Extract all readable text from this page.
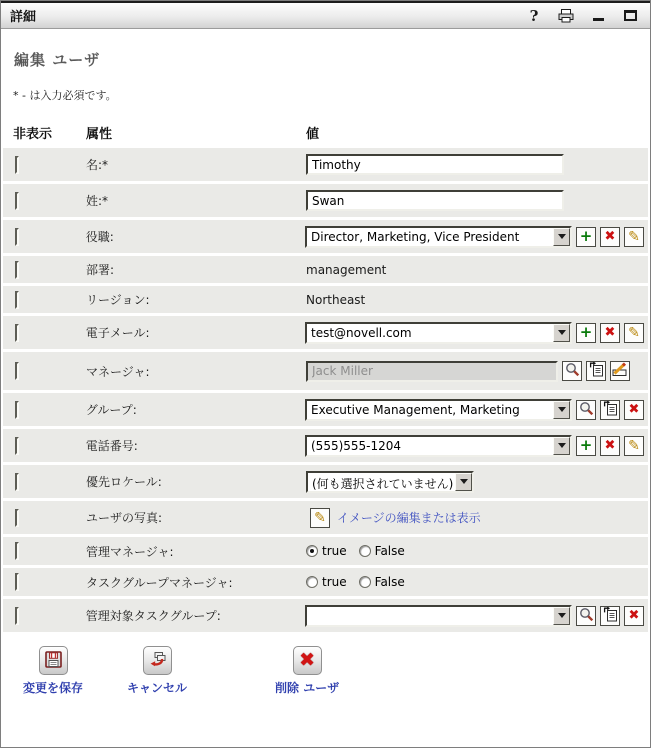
詳細	?
編集 ユーザ
* - は入力必須です。
非表示	属性	値
名:*
Timothy
姓:*
Swan
役職:	Director, Marketing, Vice President	+ ✖ ✎
部署:	management
リージョン:	Northeast
電子メール:	test@novell.com	+ ✖ ✎
マネージャ:
Jack Miller
グループ:	Executive Management, Marketing	✖
電話番号:	(555)555-1204	+ ✖ ✎
優先ロケール:	(何も選択されていません)
ユーザの写真:	✎ イメージの編集または表示
管理マネージャ:	true False
タスクグループマネージャ:	true False
管理対象タスクグループ:	✖
変更を保存	キャンセル
✖
削除 ユーザ
